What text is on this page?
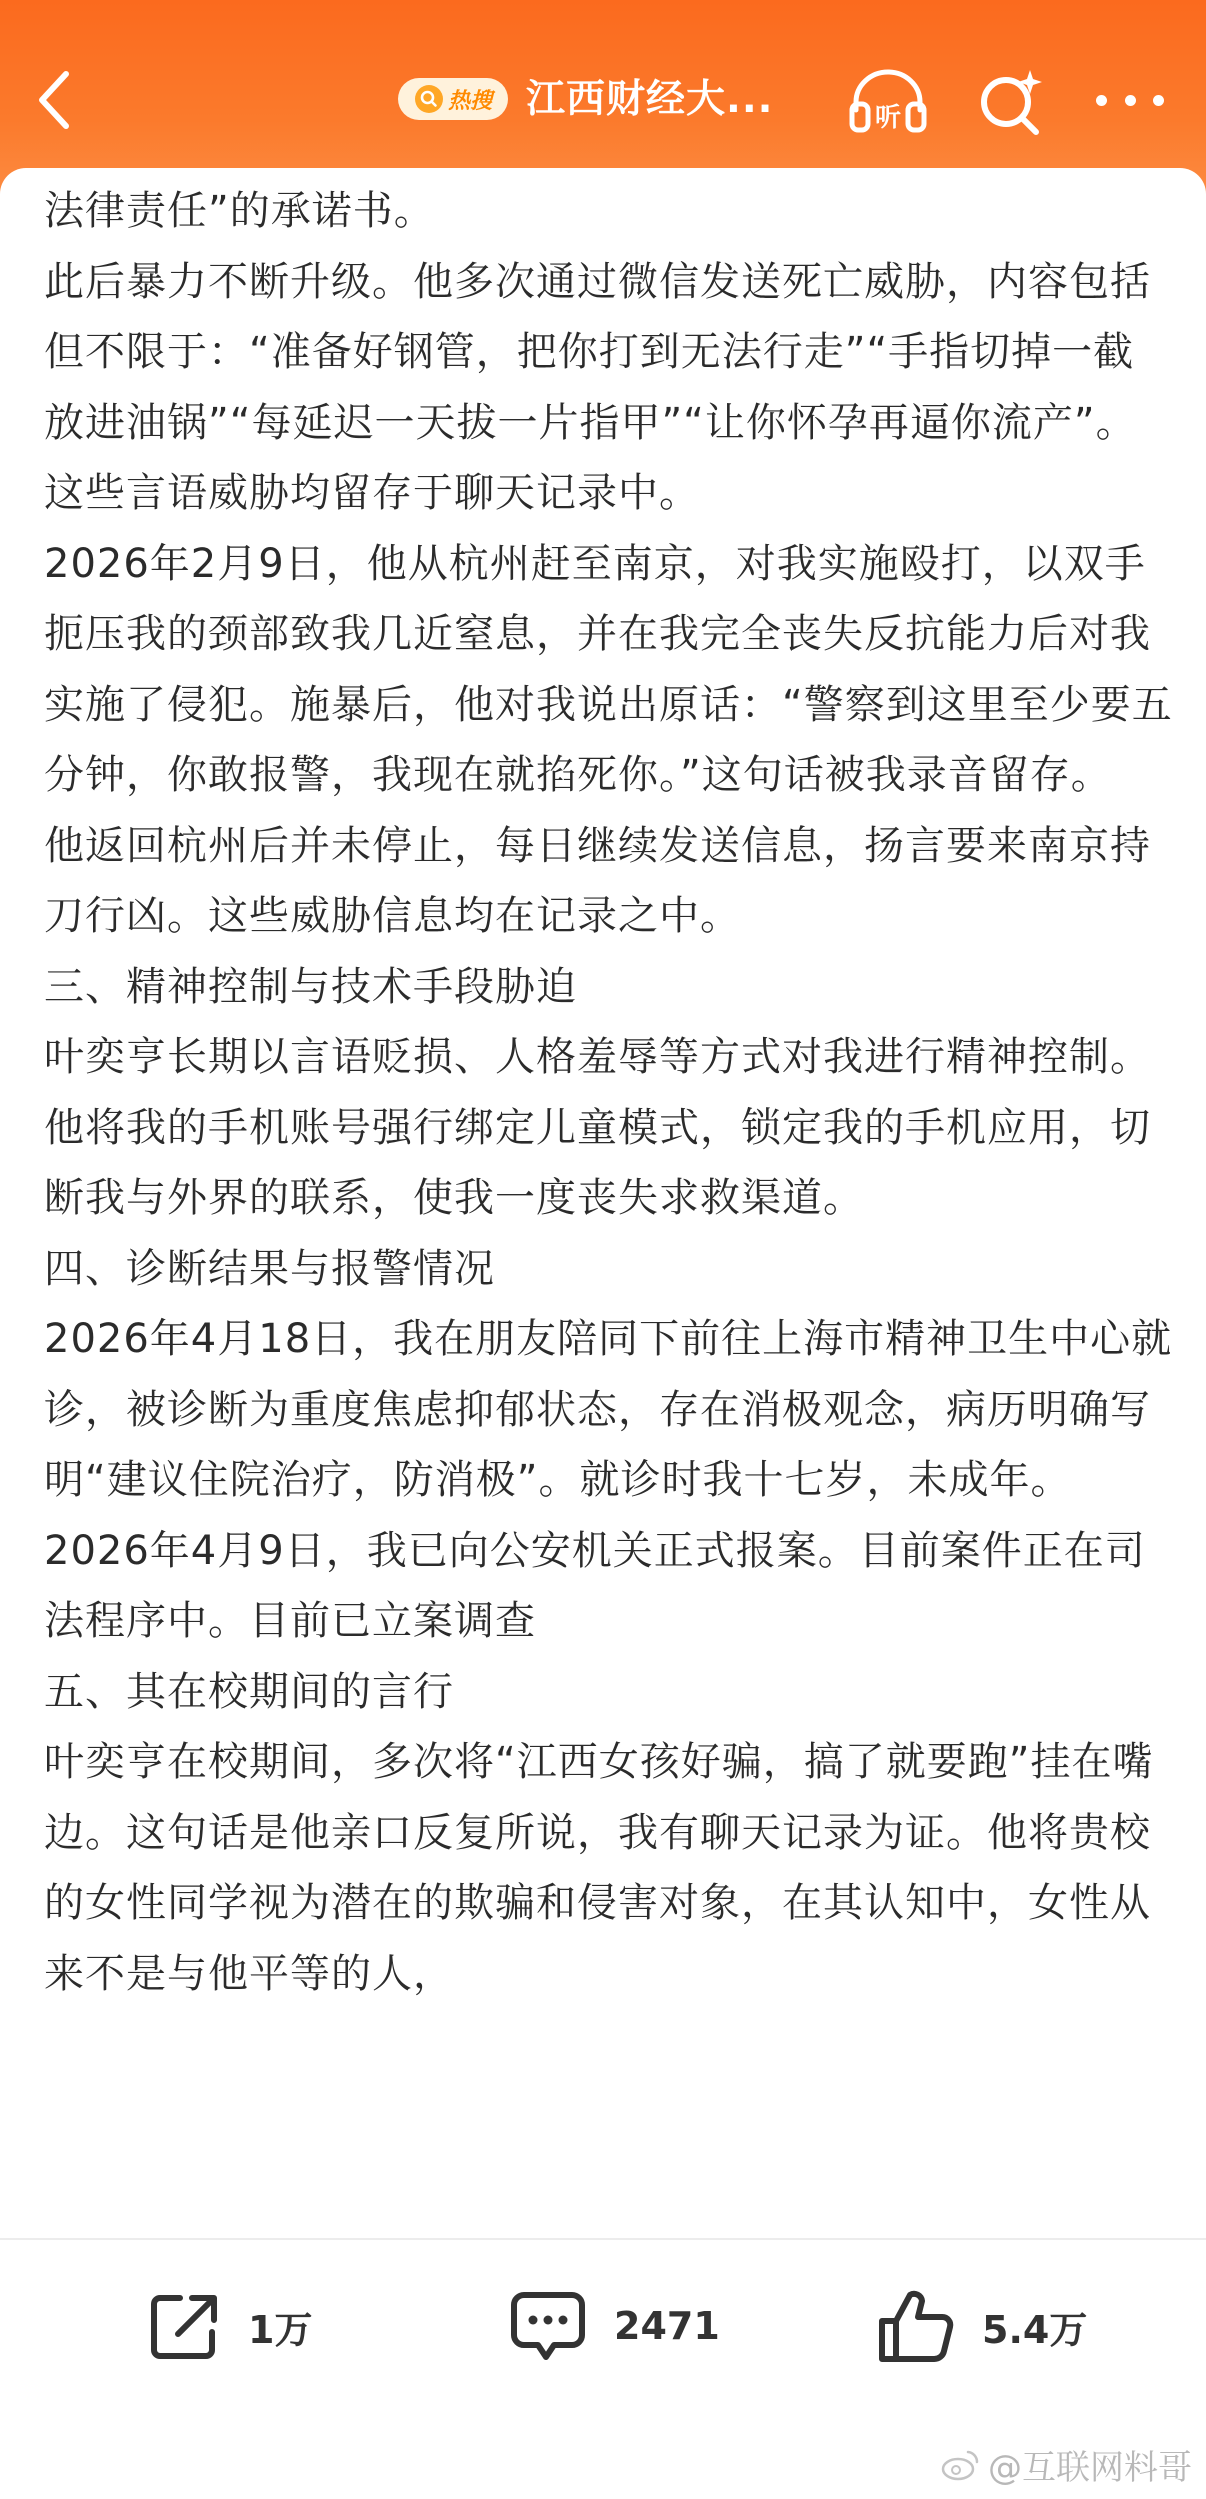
热搜 江西财经大...	听

法律责任”的承诺书。

此后暴力不断升级。他多次通过微信发送死亡威胁，内容包括但不限于：“准备好钢管，把你打到无法行走”“手指切掉一截放进油锅”“每延迟一天拔一片指甲”“让你怀孕再逼你流产”。这些言语威胁均留存于聊天记录中。

2026年2月9日，他从杭州赶至南京，对我实施殴打，以双手扼压我的颈部致我几近窒息，并在我完全丧失反抗能力后对我实施了侵犯。施暴后，他对我说出原话：“警察到这里至少要五分钟，你敢报警，我现在就掐死你。”这句话被我录音留存。

他返回杭州后并未停止，每日继续发送信息，扬言要来南京持刀行凶。这些威胁信息均在记录之中。

三、精神控制与技术手段胁迫

叶奕亨长期以言语贬损、人格羞辱等方式对我进行精神控制。他将我的手机账号强行绑定儿童模式，锁定我的手机应用，切断我与外界的联系，使我一度丧失求救渠道。

四、诊断结果与报警情况

2026年4月18日，我在朋友陪同下前往上海市精神卫生中心就诊，被诊断为重度焦虑抑郁状态，存在消极观念，病历明确写明“建议住院治疗，防消极”。就诊时我十七岁，未成年。

2026年4月9日，我已向公安机关正式报案。目前案件正在司法程序中。目前已立案调查

五、其在校期间的言行

叶奕亨在校期间，多次将“江西女孩好骗，搞了就要跑”挂在嘴边。这句话是他亲口反复所说，我有聊天记录为证。他将贵校的女性同学视为潜在的欺骗和侵害对象，在其认知中，女性从来不是与他平等的人，

1万	2471	5.4万
@互联网料哥
